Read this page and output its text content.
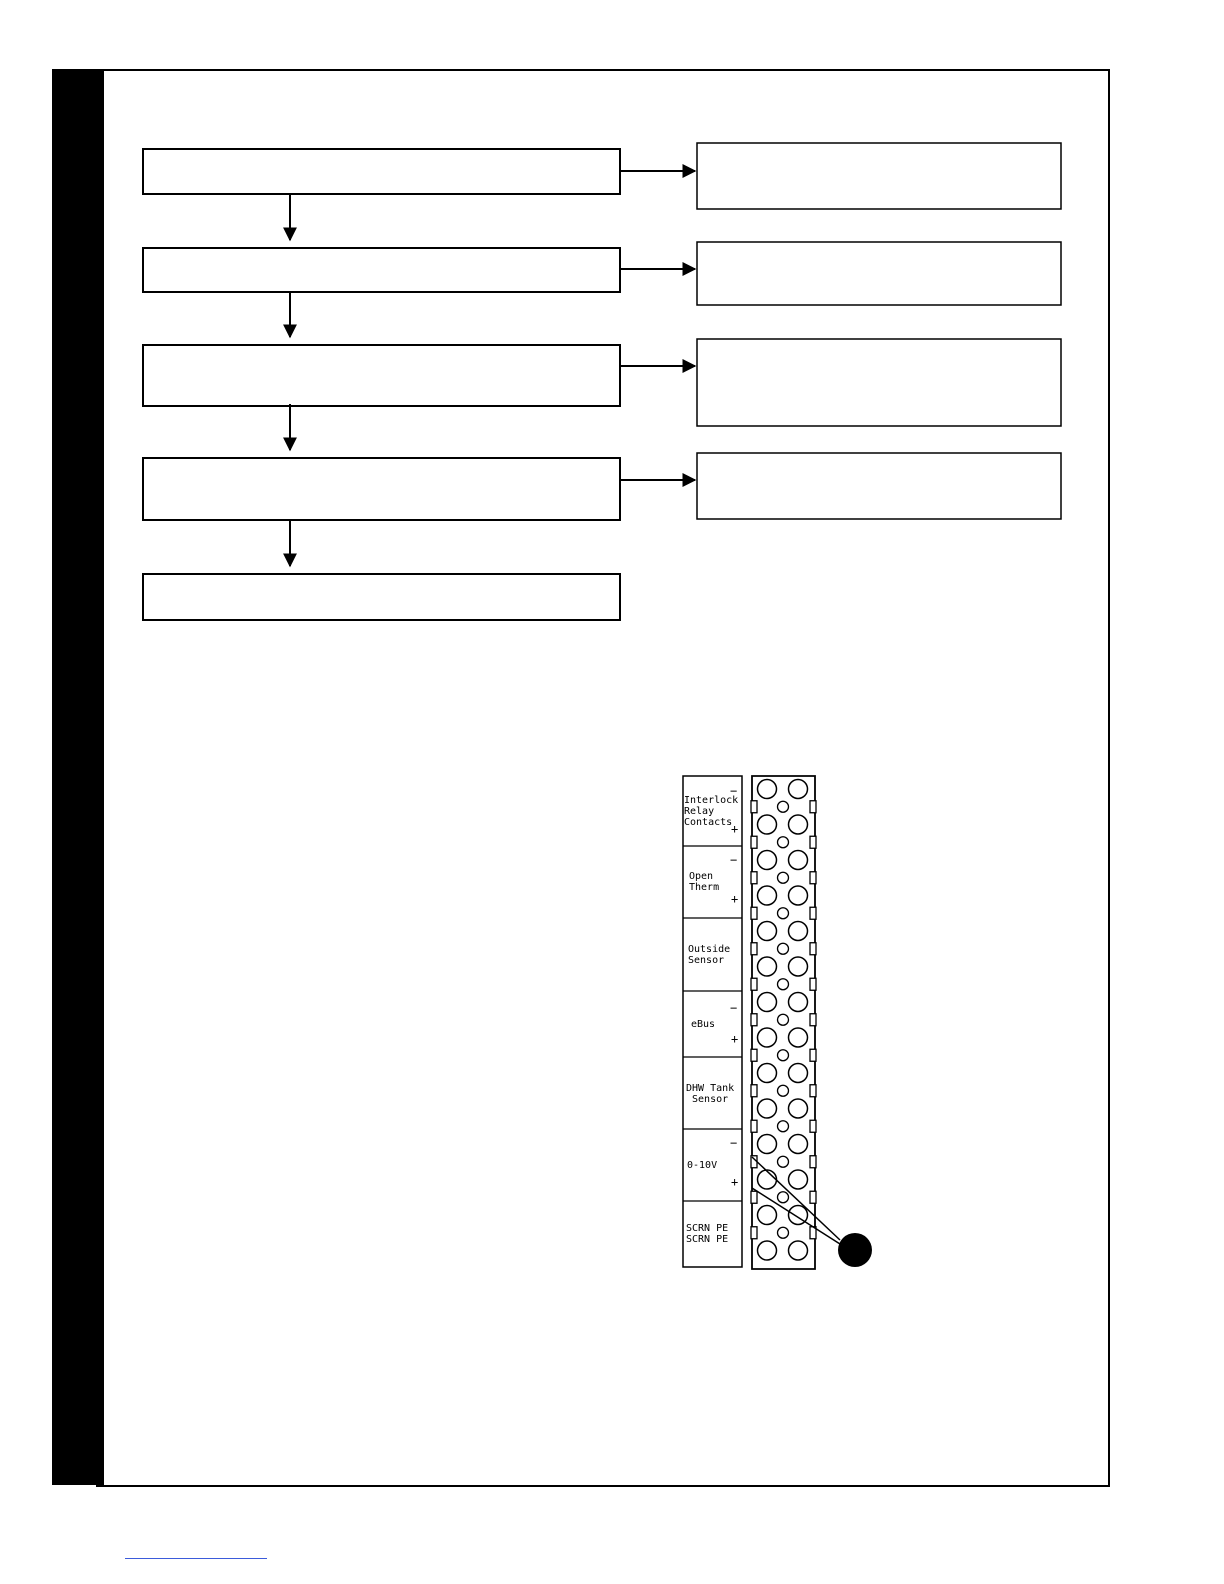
Interlock
Relay
Contacts
−
+
Open
Therm
−
+
Outside
Sensor
eBus
−
+
DHW Tank
Sensor
0-10V
−
+
SCRN PE
SCRN PE
